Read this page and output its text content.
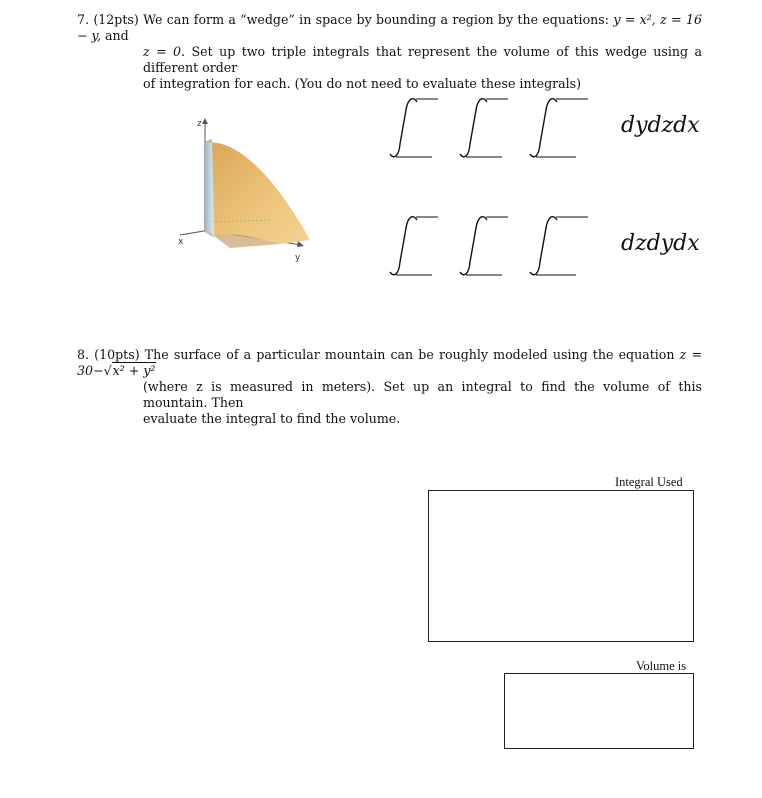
7. (12pts) We can form a “wedge” in space by bounding a region by the equations: y = x², z = 16 − y, and
z = 0. Set up two triple integrals that represent the volume of this wedge using a different order
of integration for each. (You do not need to evaluate these integrals)
z
x
y
dydzdx
dzdydx
8. (10pts) The surface of a particular mountain can be roughly modeled using the equation z = 30−√x² + y²
(where z is measured in meters). Set up an integral to find the volume of this mountain. Then
evaluate the integral to find the volume.
Integral Used
Volume is
